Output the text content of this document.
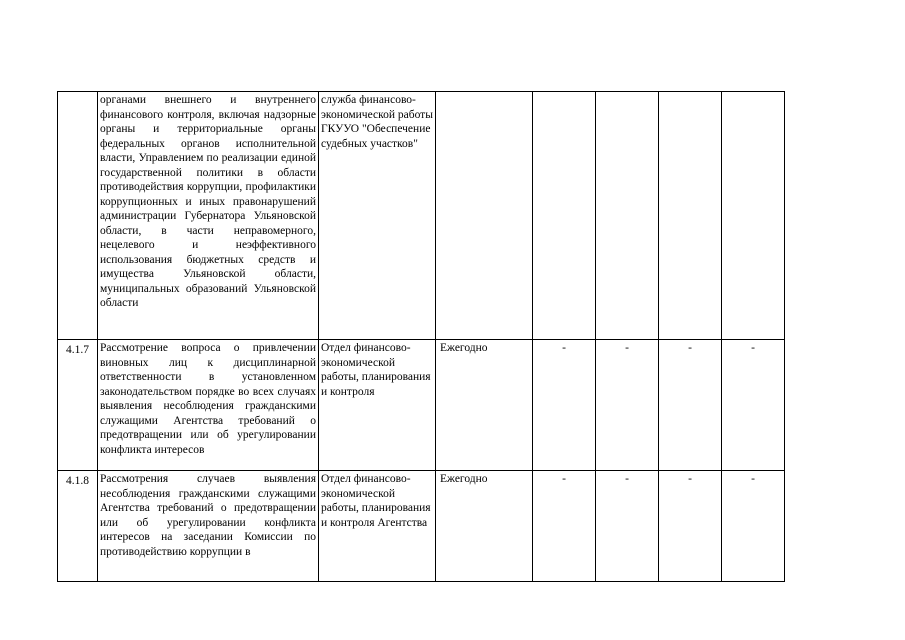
	органами внешнего и внутреннего финансового контроля, включая надзорные органы и территориальные органы федеральных органов исполнительной власти, Управлением по реализации единой государственной политики в области противодействия коррупции, профилактики коррупционных и иных правонарушений администрации Губернатора Ульяновской области, в части неправомерного, нецелевого и неэффективного использования бюджетных средств и имущества Ульяновской области, муниципальных образований Ульяновской области	служба финансово-экономической работы ГКУУО "Обеспечение судебных участков"					
4.1.7	Рассмотрение вопроса о привлечении виновных лиц к дисциплинарной ответственности в установленном законодательством порядке во всех случаях выявления несоблюдения гражданскими служащими Агентства требований о предотвращении или об урегулировании конфликта интересов	Отдел финансово-экономической работы, планирования и контроля	Ежегодно	-	-	-	-
4.1.8	Рассмотрения случаев выявления несоблюдения гражданскими служащими Агентства требований о предотвращении или об урегулировании конфликта интересов на заседании Комиссии по противодействию коррупции в	Отдел финансово-экономической работы, планирования и контроля Агентства	Ежегодно	-	-	-	-
